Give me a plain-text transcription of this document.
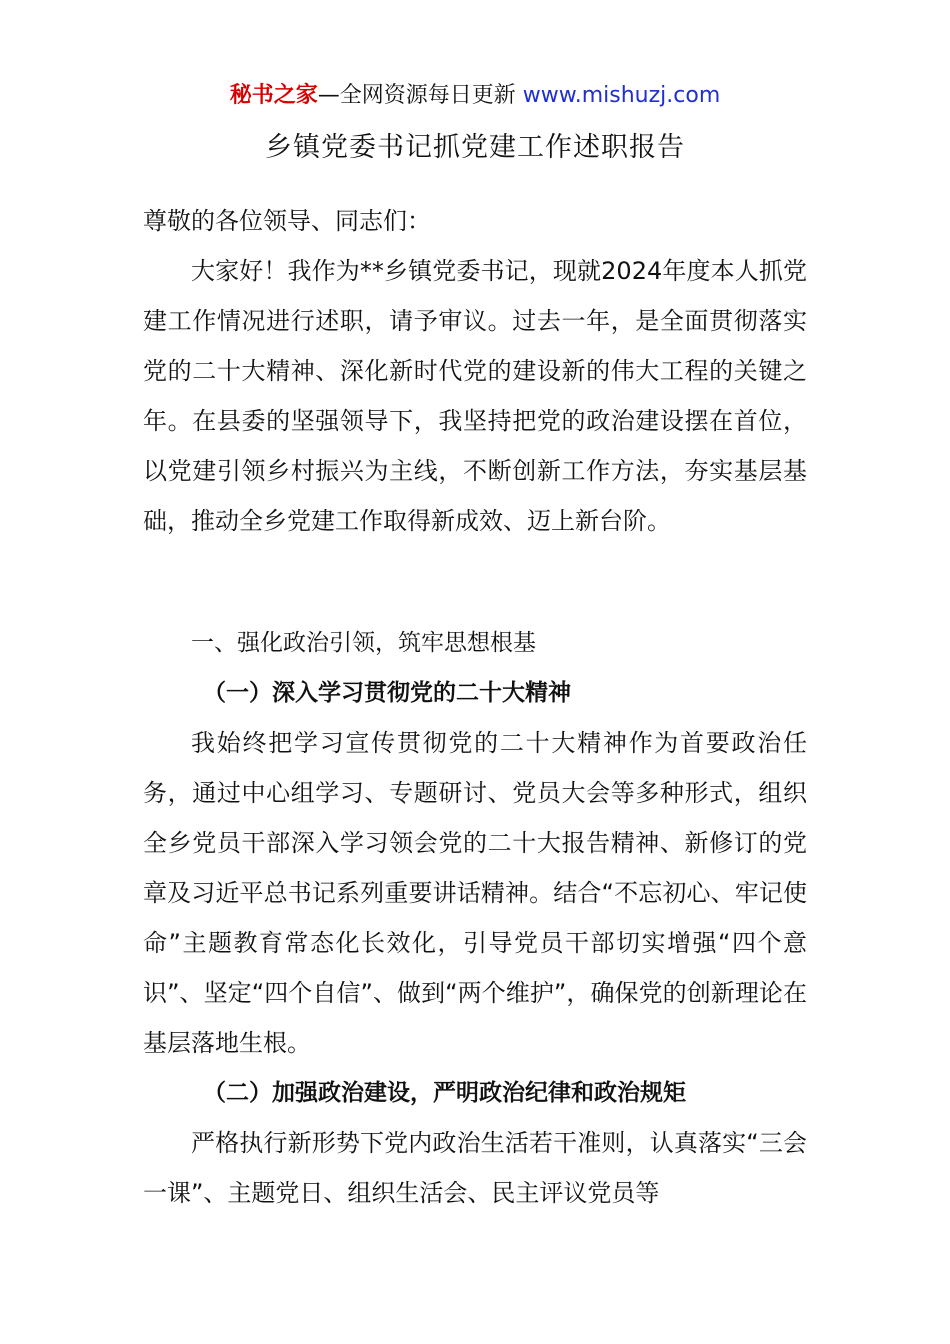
秘书之家—全网资源每日更新 www.mishuzj.com
乡镇党委书记抓党建工作述职报告

尊敬的各位领导、同志们：

大家好！我作为**乡镇党委书记，现就2024年度本人抓党建工作情况进行述职，请予审议。过去一年，是全面贯彻落实党的二十大精神、深化新时代党的建设新的伟大工程的关键之年。在县委的坚强领导下，我坚持把党的政治建设摆在首位，以党建引领乡村振兴为主线，不断创新工作方法，夯实基层基础，推动全乡党建工作取得新成效、迈上新台阶。

一、强化政治引领，筑牢思想根基

（一）深入学习贯彻党的二十大精神

我始终把学习宣传贯彻党的二十大精神作为首要政治任务，通过中心组学习、专题研讨、党员大会等多种形式，组织全乡党员干部深入学习领会党的二十大报告精神、新修订的党章及习近平总书记系列重要讲话精神。结合“不忘初心、牢记使命”主题教育常态化长效化，引导党员干部切实增强“四个意识”、坚定“四个自信”、做到“两个维护”，确保党的创新理论在基层落地生根。

（二）加强政治建设，严明政治纪律和政治规矩

严格执行新形势下党内政治生活若干准则，认真落实“三会一课”、主题党日、组织生活会、民主评议党员等
